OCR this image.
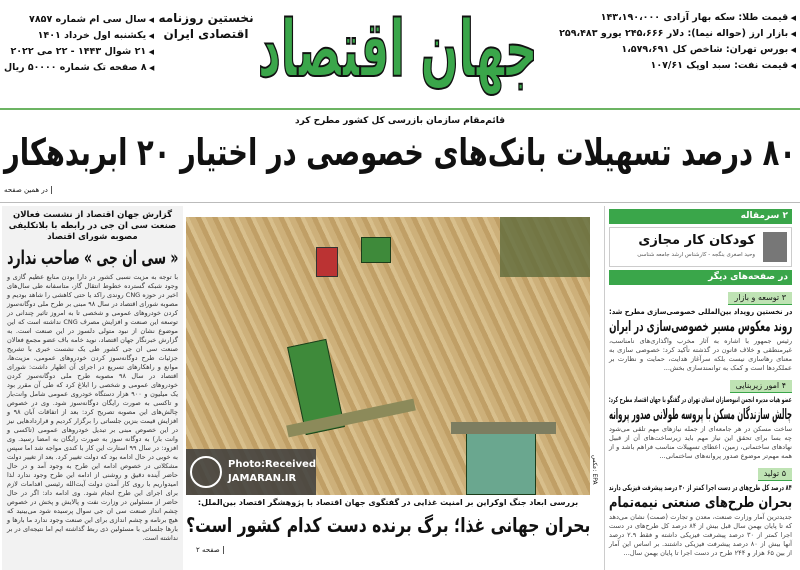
◀ سال سی ام شماره ۷۸۵۷
◀ یکشنبه اول خرداد ۱۴۰۱
◀ ۲۱ شوال ۱۴۴۳ - ۲۲ می ۲۰۲۲
◀ ۸ صفحه تک شماره ۵۰۰۰۰ ریال
نخستین روزنامه
اقتصادی ایران	جهان اقتصاد	◀ قیمت طلا: سکه بهار آزادی ۱۴۳،۱۹۰،۰۰۰
◀ بازار ارز (حواله نیما): دلار ۲۴۵،۶۶۶ یورو ۲۵۹،۴۸۳
◀ بورس تهران: شاخص کل ۱،۵۷۹،۶۹۱
◀ قیمت نفت: سبد اوپک ۱۰۷/۶۱
قائم‌مقام سازمان بازرسی کل کشور مطرح کرد
۸۰ درصد تسهیلات بانک‌های خصوصی در اختیار ۲۰ ابربدهکار
در همین صفحه
گزارش جهان اقتصاد از نشست فعالان صنعت سی ان جی در رابطه با بلاتکلیفی مصوبه شورای اقتصاد
« سی ان جی » صاحب ندارد
با توجه به مزیت نسبی کشور در دارا بودن منابع عظیم گازی و وجود شبکه گسترده خطوط انتقال گاز، متاسفانه طی سال‌های اخیر در حوزه CNG روندی راکد یا حتی کاهشی را شاهد بودیم و مصوبه شورای اقتصاد در سال ۹۸ مبنی بر طرح ملی دوگانه‌سوز کردن خودروهای عمومی و شخصی تا به امروز تاثیر چندانی در توسعه این صنعت و افزایش مصرف CNG نداشته است که این موضوع نشان از نبود متولی دلسوز در این صنعت است. به گزارش خبرنگار جهان اقتصاد، نوید خامه باف عضو مجمع فعالان صنعت سی ان جی کشور طی یک نشست خبری با تشریح جزئیات طرح دوگانه‌سوز کردن خودروهای عمومی، مزیت‌ها، موانع و راهکارهای تسریع در اجرای آن اظهار داشت: شورای اقتصاد در سال ۹۸ مصوبه طرح ملی دوگانه‌سوز کردن خودروهای عمومی و شخصی را ابلاغ کرد که طی آن مقرر بود یک میلیون و ۹۰۰ هزار دستگاه خودروی عمومی شامل وانت‌بار و تاکسی به صورت رایگان دوگانه‌سوز شود. وی در خصوص چالش‌های این مصوبه تصریح کرد: بعد از اتفاقات آبان ۹۸ و افزایش قیمت بنزین جلساتی را برگزار کردیم و قراردادهایی نیز در این خصوص مبنی بر تبدیل خودروهای عمومی (تاکسی و وانت بار) به دوگانه سوز به صورت رایگان به امضا رسید. وی افزود: در سال ۹۹ استارت این کار با کندی مواجه شد اما سپس به خوبی در حال ادامه بود که دولت تغییر کرد. بعد از تغییر دولت مشکلاتی در خصوص ادامه این طرح به وجود آمد و در حال حاضر آینده دقیق و روشنی از ادامه این طرح وجود ندارد لذا امیدواریم با روی کار آمدن دولت آیت‌الله رئیسی اقدامات لازم برای اجرای این طرح انجام شود. وی ادامه داد: اگر در حال حاضر از مسئولین در وزارت نفت و پالایش و پخش در خصوص چشم انداز صنعت سی ان جی سوال پرسیده شود می‌بینید که هیچ برنامه و چشم اندازی برای این صنعت وجود ندارد ما بارها و بارها جلساتی با مسئولین ذی ربط گذاشته ایم اما نتیجه‌ای در بر نداشته است.
عکس: EPA
بررسی ابعاد جنگ اوکراین بر امنیت غذایی در گفتگوی جهان اقتصاد با پژوهشگر اقتصاد بین‌الملل:
بحران جهانی غذا؛ برگ برنده دست کدام کشور است؟
صفحه ۲
۲ سرمقاله
کودکان کار مجازی
وحید اصغری بنگجه - کارشناس ارشد جامعه شناسی
در صفحه‌های دیگر
۳ توسعه و بازار
در نخستین رویداد بین‌المللی خصوصی‌سازی مطرح شد:
روند معکوس مسیر خصوصی‌سازی در ایران

رئیس جمهور با اشاره به آثار مخرب واگذاری‌های نامناسب، غیرمنطقی و خلاف قانون در گذشته تأکید کرد: خصوصی سازی به معنای رهاسازی نیست بلکه سرآغاز هدایت، حمایت و نظارت بر عملکردها است و کمک به توانمندسازی بخش...

۴ امور زیربنایی
عضو هیات مدیره انجمن انبوه‌سازان استان تهران در گفتگو با جهان اقتصاد مطرح کرد:
چالش سازندگان مسکن با پروسه طولانی صدور پروانه

ساخت مسکن در هر جامعه‌ای از جمله نیازهای مهم تلقی می‌شود چه بسا برای تحقق این نیاز مهم باید زیرساخت‌های آن از قبیل نهادهای ساختمانی، زمین، اعطای تسهیلات مناسب فراهم باشد و از همه مهم‌تر موضوع صدور پروانه‌های ساختمانی...

۵ تولید
۸۴ درصد کل طرح‌های در دست اجرا کمتر از ۳۰ درصد پیشرفت فیزیکی دارند
بحران طرح‌های صنعتی نیمه‌تمام

جدیدترین آمار وزارت صنعت، معدن و تجارت (صمت) نشان می‌دهد که تا پایان بهمن سال قبل بیش از ۸۴ درصد کل طرح‌های در دست اجرا کمتر از ۳۰ درصد پیشرفت فیزیکی داشته و فقط ۲.۹ درصد آنها بیش از ۸۰ درصد پیشرفت فیزیکی داشتند. بر اساس این آمار از بین ۶۵ هزار و ۲۴۴ طرح در دست اجرا تا پایان بهمن سال...

Photo:Received
JAMARAN.IR
